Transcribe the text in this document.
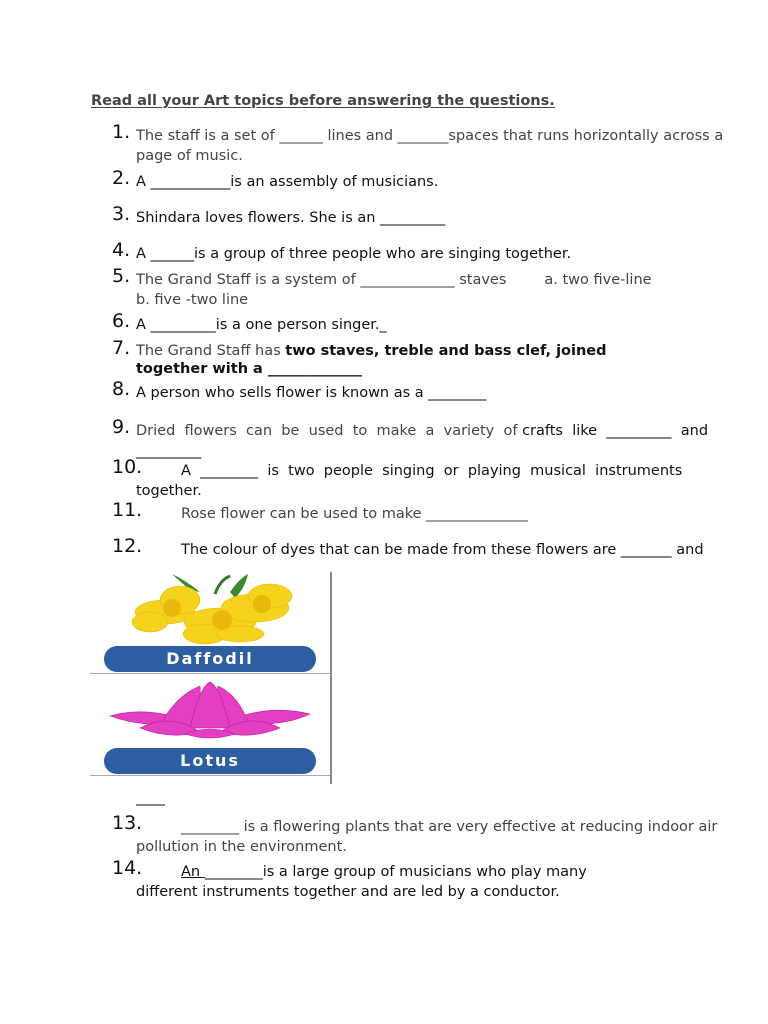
Read all your Art topics before answering the questions.
1. The staff is a set of ______ lines and _______spaces that runs horizontally across a
page of music.
2. A ___________is an assembly of musicians.
3. Shindara loves flowers. She is an _________
4. A ______is a group of three people who are singing together.
5. The Grand Staff is a system of _____________ staves	a. two five-line
b. five -two line
6. A _________is a one person singer._
7. The Grand Staff has two staves, treble and bass clef, joined
together with a _____________
8. A person who sells flower is known as a ________
9. Dried  flowers  can  be  used  to  make  a  variety  of crafts  like  _________  and
_________
10.	A  ________  is  two  people  singing  or  playing  musical  instruments
together.
11.	Rose flower can be used to make ______________
12.	The colour of dyes that can be made from these flowers are _______ and
Daffodil
Lotus
____
13.	________ is a flowering plants that are very effective at reducing indoor air
pollution in the environment.
14.	An ________is a large group of musicians who play many
different instruments together and are led by a conductor.
